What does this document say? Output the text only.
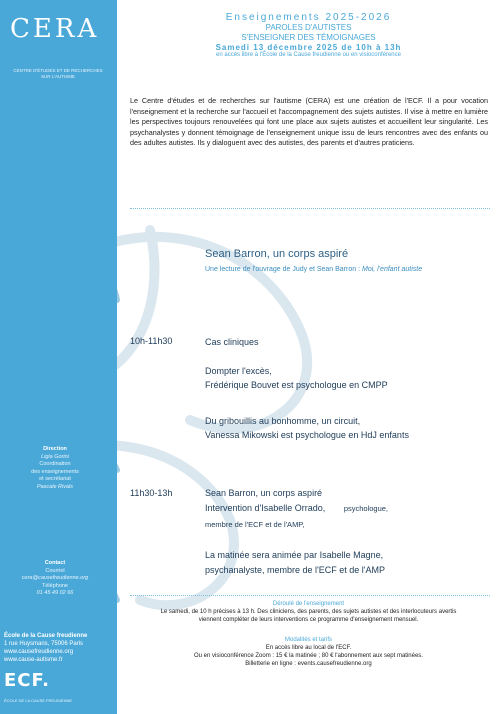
CERA
CENTRE D'ÉTUDES ET DE RECHERCHES SUR L'AUTISME
Direction
Ligia Gorini
Coordination
des enseignements
et secrétariat
Pascale Rivals
Contact
Courriel
cera@causefreudienne.org
Téléphone
01 45 49 02 66
École de la Cause freudienne
1 rue Huysmans, 75006 Paris
www.causefreudienne.org
www.cause-autisme.fr
ECF.
ÉCOLE DE LA CAUSE FREUDIENNE
Enseignements 2025-2026
PAROLES D'AUTISTES
S'ENSEIGNER DES TÉMOIGNAGES
Samedi 13 décembre 2025 de 10h à 13h
en accès libre à l'École de la Cause freudienne ou en visioconférence
Le Centre d'études et de recherches sur l'autisme (CERA) est une création de l'ECF. Il a pour vocation l'enseignement et la recherche sur l'accueil et l'accompagnement des sujets autistes. Il vise à mettre en lumière les perspectives toujours renouvelées qui font une place aux sujets autistes et accueillent leur singularité. Les psychanalystes y donnent témoignage de l'enseignement unique issu de leurs rencontres avec des enfants ou des adultes autistes. Ils y dialoguent avec des autistes, des parents et d'autres praticiens.
Sean Barron, un corps aspiré
Une lecture de l'ouvrage de Judy et Sean Barron : Moi, l'enfant autiste
10h-11h30	Cas cliniques
Dompter l'excès,
Frédérique Bouvet est psychologue en CMPP
Du gribouillis au bonhomme, un circuit,
Vanessa Mikowski est psychologue en HdJ enfants
11h30-13h	Sean Barron, un corps aspiré
Intervention d'Isabelle Orrado, psychologue,
membre de l'ECF et de l'AMP,
La matinée sera animée par Isabelle Magne,
psychanalyste, membre de l'ECF et de l'AMP
Déroulé de l'enseignement
Le samedi, de 10 h précises à 13 h. Des cliniciens, des parents, des sujets autistes et des interlocuteurs avertis
viennent compléter de leurs interventions ce programme d'enseignement mensuel.
Modalités et tarifs
En accès libre au local de l'ECF.
Ou en visioconférence Zoom : 15 € la matinée ; 80 € l'abonnement aux sept matinées.
Billetterie en ligne : events.causefreudienne.org
